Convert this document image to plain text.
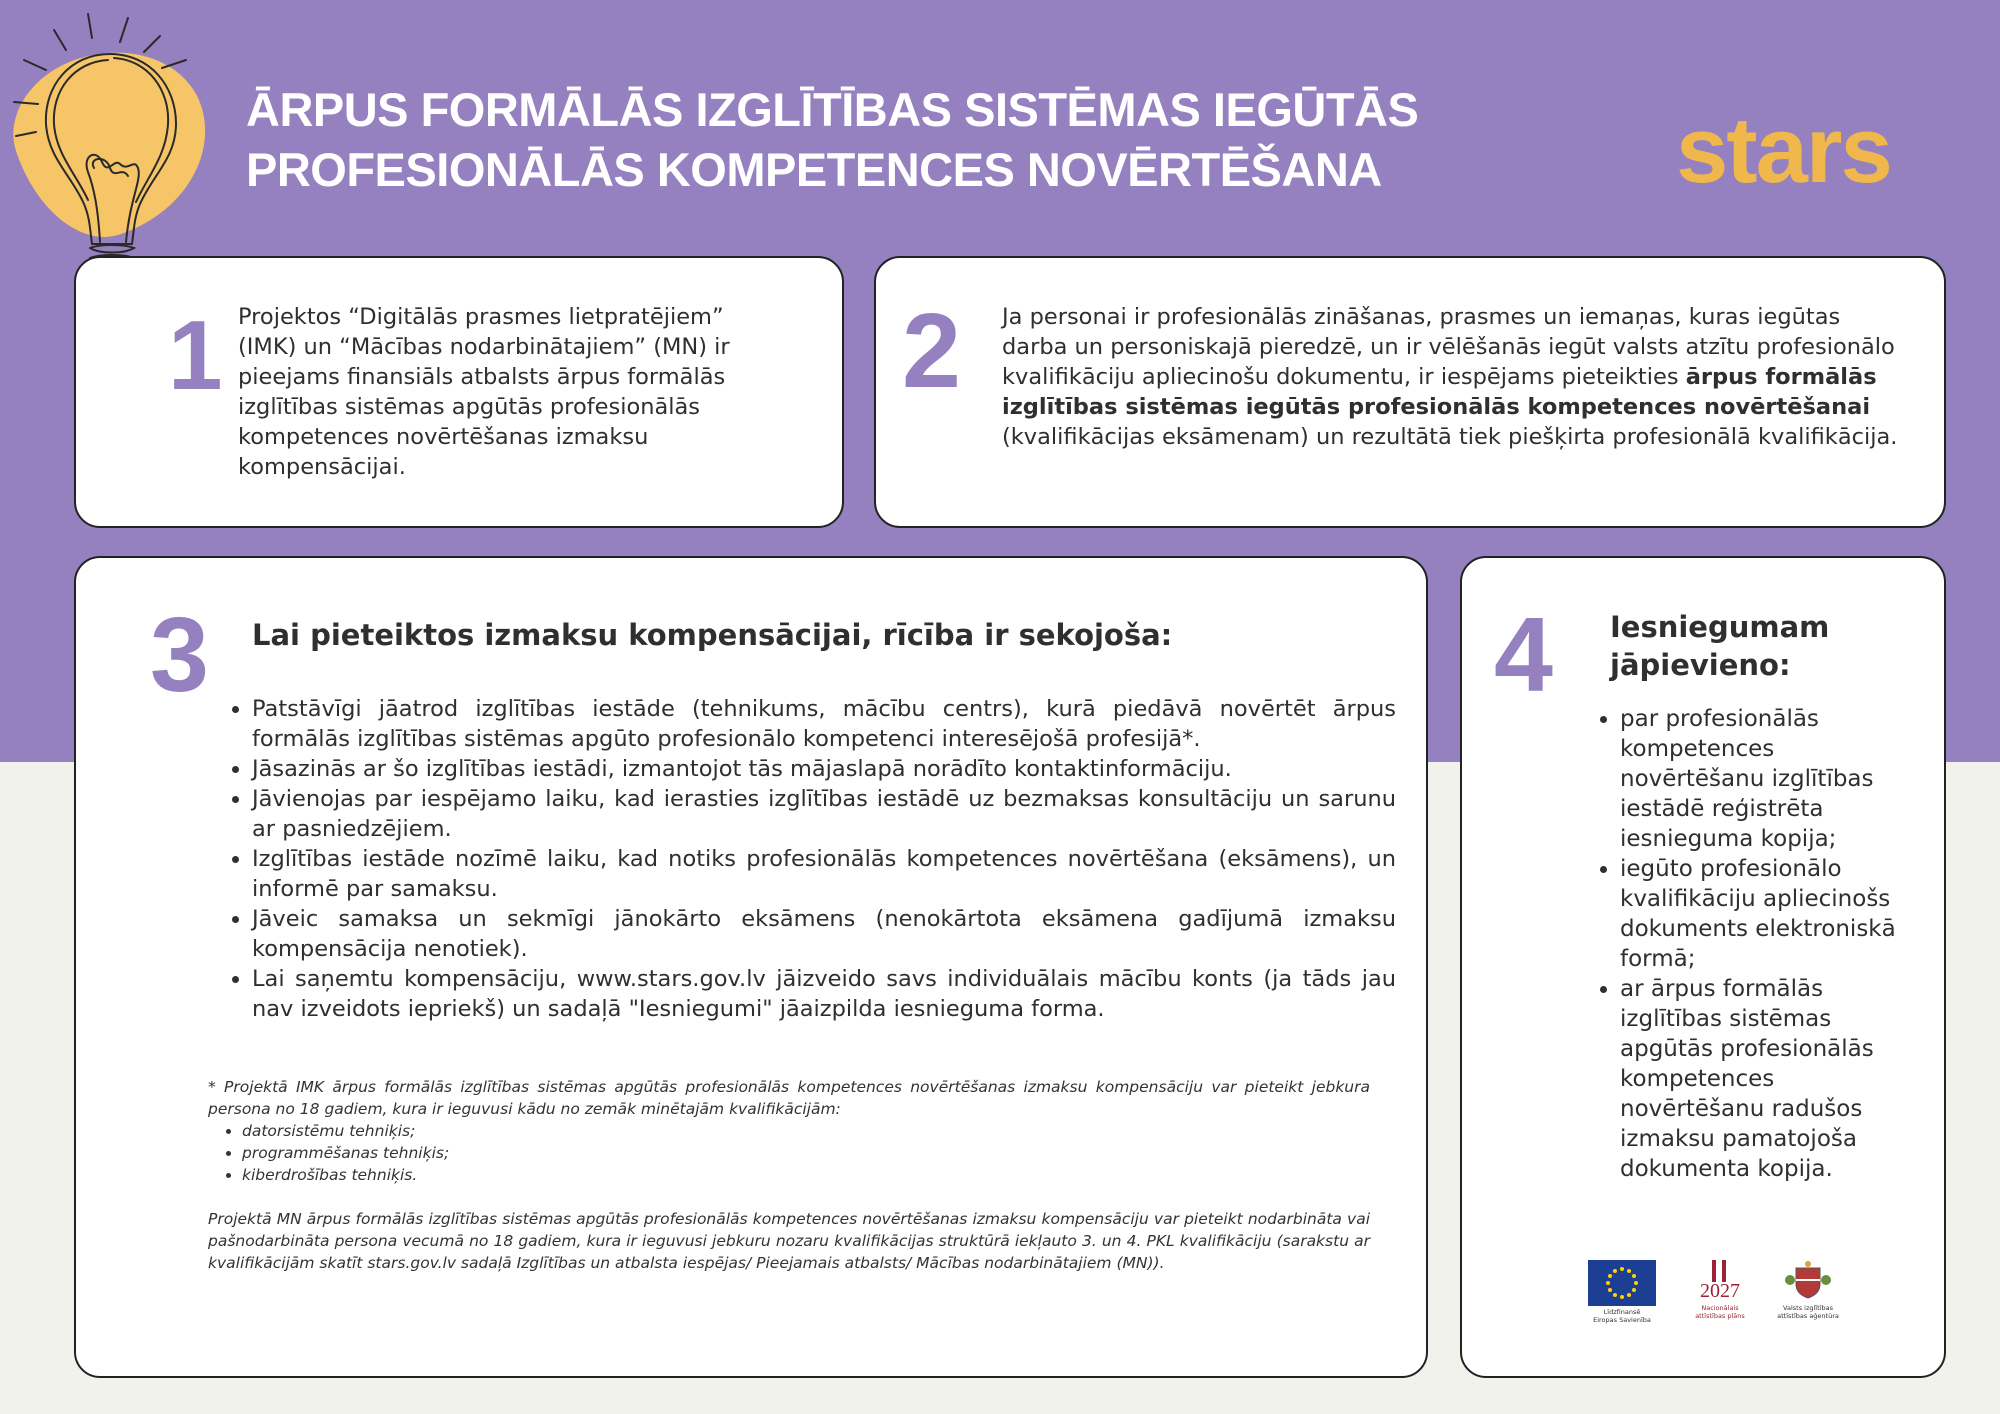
ĀRPUS FORMĀLĀS IZGLĪTĪBAS SISTĒMAS IEGŪTĀS
PROFESIONĀLĀS KOMPETENCES NOVĒRTĒŠANA	stars
1 Projektos “Digitālās prasmes lietpratējiem” (IMK) un “Mācības nodarbinātajiem” (MN) ir pieejams finansiāls atbalsts ārpus formālās izglītības sistēmas apgūtās profesionālās kompetences novērtēšanas izmaksu kompensācijai.
2 Ja personai ir profesionālās zināšanas, prasmes un iemaņas, kuras iegūtas darba un personiskajā pieredzē, un ir vēlēšanās iegūt valsts atzītu profesionālo kvalifikāciju apliecinošu dokumentu, ir iespējams pieteikties ārpus formālās izglītības sistēmas iegūtās profesionālās kompetences novērtēšanai (kvalifikācijas eksāmenam) un rezultātā tiek piešķirta profesionālā kvalifikācija.
3 Lai pieteiktos izmaksu kompensācijai, rīcība ir sekojoša:
• Patstāvīgi jāatrod izglītības iestāde (tehnikums, mācību centrs), kurā piedāvā novērtēt ārpus formālās izglītības sistēmas apgūto profesionālo kompetenci interesējošā profesijā*.
• Jāsazinās ar šo izglītības iestādi, izmantojot tās mājaslapā norādīto kontaktinformāciju.
• Jāvienojas par iespējamo laiku, kad ierasties izglītības iestādē uz bezmaksas konsultāciju un sarunu ar pasniedzējiem.
• Izglītības iestāde nozīmē laiku, kad notiks profesionālās kompetences novērtēšana (eksāmens), un informē par samaksu.
• Jāveic samaksa un sekmīgi jānokārto eksāmens (nenokārtota eksāmena gadījumā izmaksu kompensācija nenotiek).
• Lai saņemtu kompensāciju, www.stars.gov.lv jāizveido savs individuālais mācību konts (ja tāds jau nav izveidots iepriekš) un sadaļā "Iesniegumi" jāaizpilda iesnieguma forma.

* Projektā IMK ārpus formālās izglītības sistēmas apgūtās profesionālās kompetences novērtēšanas izmaksu kompensāciju var pieteikt jebkura persona no 18 gadiem, kura ir ieguvusi kādu no zemāk minētajām kvalifikācijām:

• datorsistēmu tehniķis;
• programmēšanas tehniķis;
• kiberdrošības tehniķis.

Projektā MN ārpus formālās izglītības sistēmas apgūtās profesionālās kompetences novērtēšanas izmaksu kompensāciju var pieteikt nodarbināta vai pašnodarbināta persona vecumā no 18 gadiem, kura ir ieguvusi jebkuru nozaru kvalifikācijas struktūrā iekļauto 3. un 4. PKL kvalifikāciju (sarakstu ar kvalifikācijām skatīt stars.gov.lv sadaļā Izglītības un atbalsta iespējas/ Pieejamais atbalsts/ Mācības nodarbinātajiem (MN)).

4 Iesniegumam
jāpievieno:
• par profesionālās kompetences novērtēšanu izglītības iestādē reģistrēta iesnieguma kopija;
• iegūto profesionālo kvalifikāciju apliecinošs dokuments elektroniskā formā;
• ar ārpus formālās izglītības sistēmas apgūtās profesionālās kompetences novērtēšanu radušos izmaksu pamatojoša dokumenta kopija.
Līdzfinansē
Eiropas Savienība
2027
Nacionālais
attīstības plāns
Valsts izglītības
attīstības aģentūra
